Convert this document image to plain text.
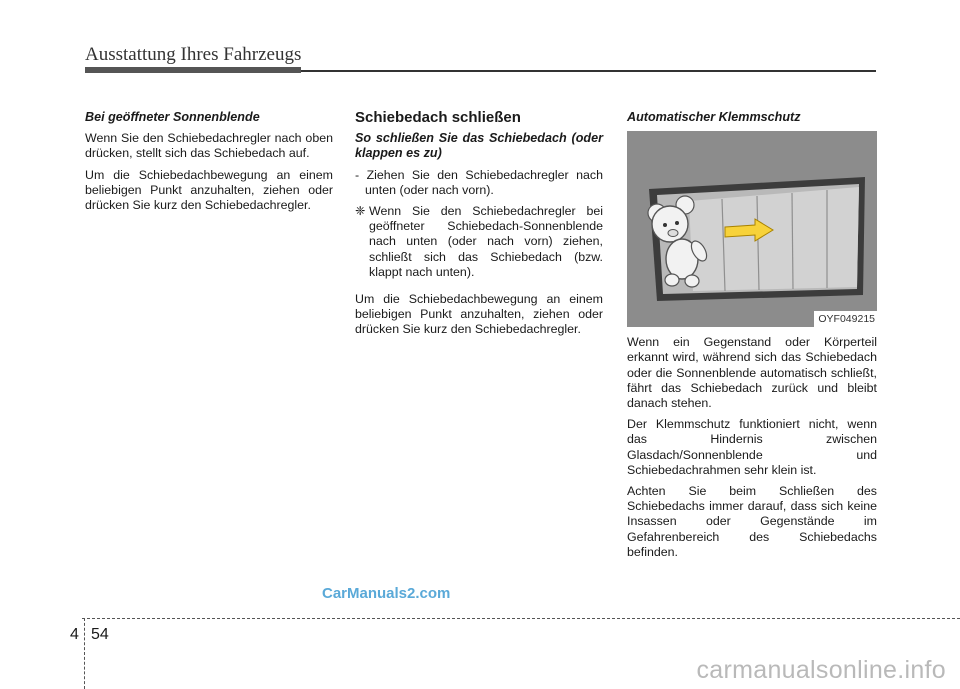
Ausstattung Ihres Fahrzeugs

Bei geöffneter Sonnenblende

Wenn Sie den Schiebedachregler nach oben drücken, stellt sich das Schiebedach auf.

Um die Schiebedachbewegung an einem beliebigen Punkt anzuhalten, ziehen oder drücken Sie kurz den Schiebedachregler.

Schiebedach schließen

So schließen Sie das Schiebedach (oder klappen es zu)

- Ziehen Sie den Schiebedachregler nach unten (oder nach vorn).

❈ Wenn Sie den Schiebedachregler bei geöffneter Schiebedach-Sonnenblende nach unten (oder nach vorn) ziehen, schließt sich das Schiebedach (bzw. klappt nach unten).

Um die Schiebedachbewegung an einem beliebigen Punkt anzuhalten, ziehen oder drücken Sie kurz den Schiebedachregler.

Automatischer Klemmschutz

OYF049215

Wenn ein Gegenstand oder Körperteil erkannt wird, während sich das Schiebedach oder die Sonnenblende automatisch schließt, fährt das Schiebedach zurück und bleibt danach stehen.

Der Klemmschutz funktioniert nicht, wenn das Hindernis zwischen Glasdach/Sonnenblende und Schiebedachrahmen sehr klein ist.

Achten Sie beim Schließen des Schiebedachs immer darauf, dass sich keine Insassen oder Gegenstände im Gefahrenbereich des Schiebedachs befinden.

CarManuals2.com
4 54
carmanualsonline.info
